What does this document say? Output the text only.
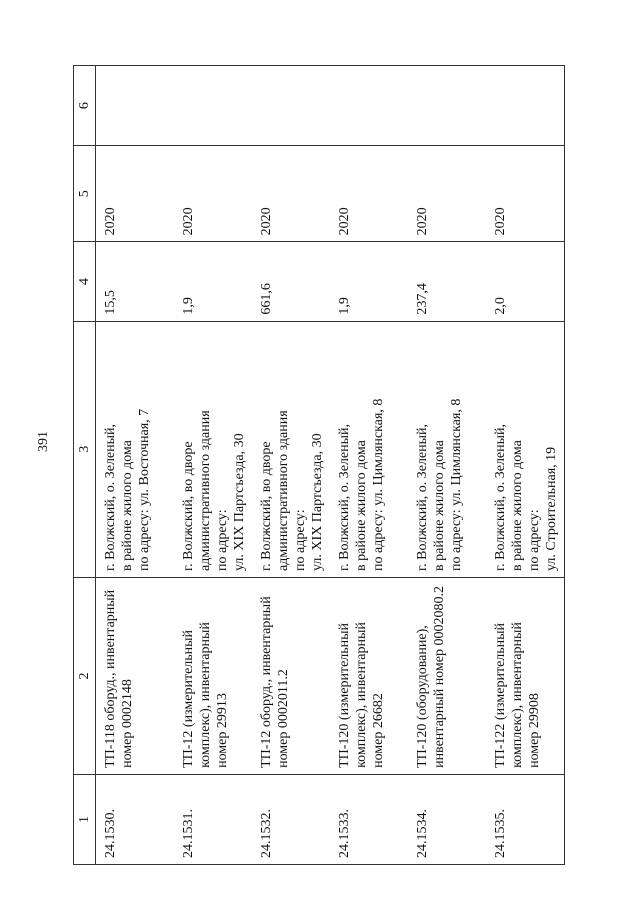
391
1	2	3	4	5	6
24.1530.	ТП-118 оборуд., инвентарный номер 0002148	г. Волжский, о. Зеленый,
в районе жилого дома
по адресу: ул. Восточная, 7	15,5	2020	
24.1531.	ТП-12 (измерительный комплекс), инвентарный номер 29913	г. Волжский, во дворе
административного здания
по адресу:
ул. XIX Партсъезда, 30	1,9	2020	
24.1532.	ТП-12 оборуд., инвентарный номер 0002011.2	г. Волжский, во дворе
административного здания
по адресу:
ул. XIX Партсъезда, 30	661,6	2020	
24.1533.	ТП-120 (измерительный комплекс), инвентарный номер 26682	г. Волжский, о. Зеленый,
в районе жилого дома
по адресу: ул. Цимлянская, 8	1,9	2020	
24.1534.	ТП-120 (оборудование), инвентарный номер 0002080.2	г. Волжский, о. Зеленый,
в районе жилого дома
по адресу: ул. Цимлянская, 8	237,4	2020	
24.1535.	ТП-122 (измерительный комплекс), инвентарный номер 29908	г. Волжский, о. Зеленый,
в районе жилого дома
по адресу:
ул. Строительная, 19	2,0	2020	
